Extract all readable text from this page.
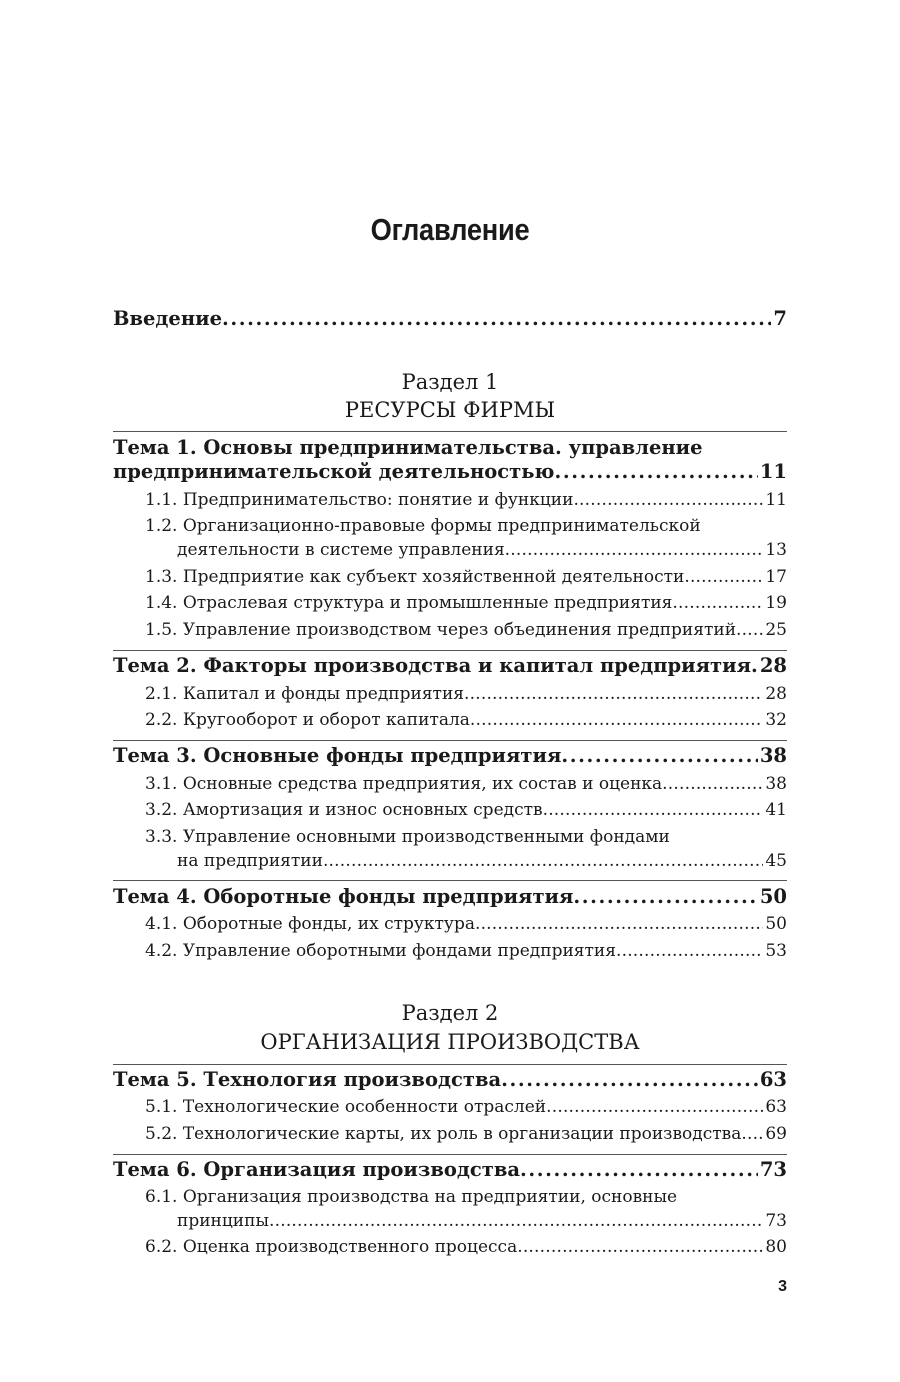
Оглавление
Введение . . .	7
Раздел 1
РЕСУРСЫ ФИРМЫ
Тема 1. Основы предпринимательства. управление
предпринимательской деятельностью . . .	11
1.1. Предпринимательство: понятие и функции . . .	11
1.2. Организационно-правовые формы предпринимательской
деятельности в системе управления . . .	13
1.3. Предприятие как субъект хозяйственной деятельности . . .	17
1.4. Отраслевая структура и промышленные предприятия . . .	19
1.5. Управление производством через объединения предприятий . . . 25
Тема 2. Факторы производства и капитал предприятия . . . 28
2.1. Капитал и фонды предприятия . . .	28
2.2. Кругооборот и оборот капитала . . .	32
Тема 3. Основные фонды предприятия . . .	38
3.1. Основные средства предприятия, их состав и оценка . . .	38
3.2. Амортизация и износ основных средств . . .	41
3.3. Управление основными производственными фондами
на предприятии . . .	45
Тема 4. Оборотные фонды предприятия . . .	50
4.1. Оборотные фонды, их структура . . .	50
4.2. Управление оборотными фондами предприятия . . .	53
Раздел 2
ОРГАНИЗАЦИЯ ПРОИЗВОДСТВА
Тема 5. Технология производства . . .	63
5.1. Технологические особенности отраслей . . .	63
5.2. Технологические карты, их роль в организации производства . . . 69
Тема 6. Организация производства . . .	73
6.1. Организация производства на предприятии, основные
принципы . . .	73
6.2. Оценка производственного процесса . . .	80
3
